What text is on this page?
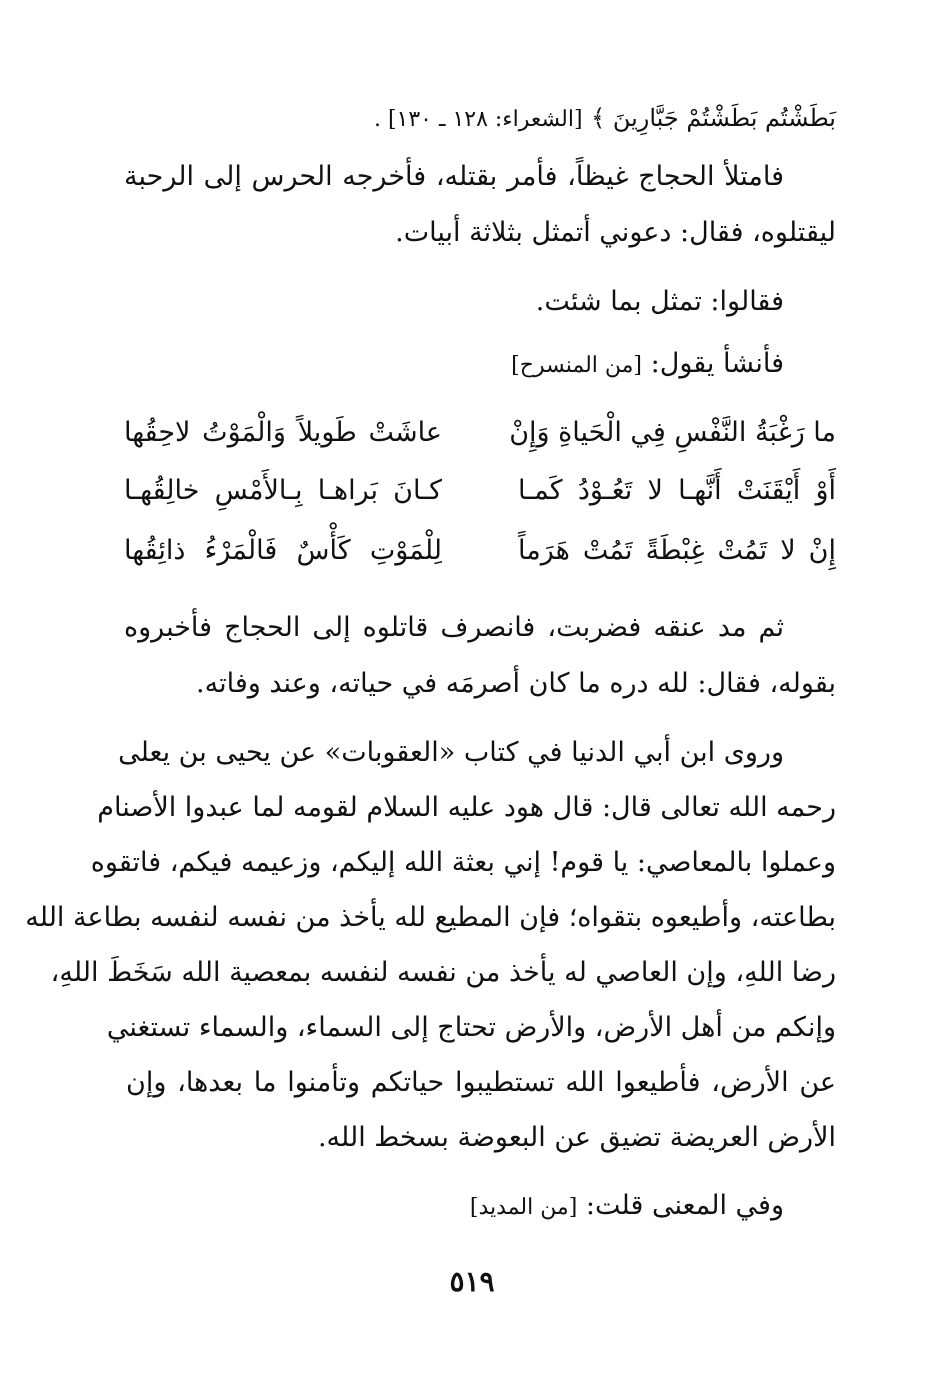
بَطَشْتُم بَطَشْتُمْ جَبَّارِينَ ﴾ [الشعراء: ١٢٨ ـ ١٣٠] .
فامتلأ الحجاج غيظاً، فأمر بقتله، فأخرجه الحرس إلى الرحبة
ليقتلوه، فقال: دعوني أتمثل بثلاثة أبيات.
فقالوا: تمثل بما شئت.
فأنشأ يقول: [من المنسرح]
ما رَغْبَةُ النَّفْسِ فِي الْحَياةِ وَإِنْ
عاشَتْ طَويلاً وَالْمَوْتُ لاحِقُها
أَوْ أَيْقَنَتْ أَنَّهـا لا تَعُـوْدُ كَمـا
كـانَ بَراهـا بِـالأَمْسِ خالِقُهـا
إِنْ لا تَمُتْ غِبْطَةً تَمُتْ هَرَماً
لِلْمَوْتِ كَأْسٌ فَالْمَرْءُ ذائِقُها
ثم مد عنقه فضربت، فانصرف قاتلوه إلى الحجاج فأخبروه
بقوله، فقال: لله دره ما كان أصرمَه في حياته، وعند وفاته.
وروى ابن أبي الدنيا في كتاب «العقوبات» عن يحيى بن يعلى
رحمه الله تعالى قال: قال هود عليه السلام لقومه لما عبدوا الأصنام
وعملوا بالمعاصي: يا قوم! إني بعثة الله إليكم، وزعيمه فيكم، فاتقوه
بطاعته، وأطيعوه بتقواه؛ فإن المطيع لله يأخذ من نفسه لنفسه بطاعة الله
رضا اللهِ، وإن العاصي له يأخذ من نفسه لنفسه بمعصية الله سَخَطَ اللهِ،
وإنكم من أهل الأرض، والأرض تحتاج إلى السماء، والسماء تستغني
عن الأرض، فأطيعوا الله تستطيبوا حياتكم وتأمنوا ما بعدها، وإن
الأرض العريضة تضيق عن البعوضة بسخط الله.
وفي المعنى قلت: [من المديد]
٥١٩
